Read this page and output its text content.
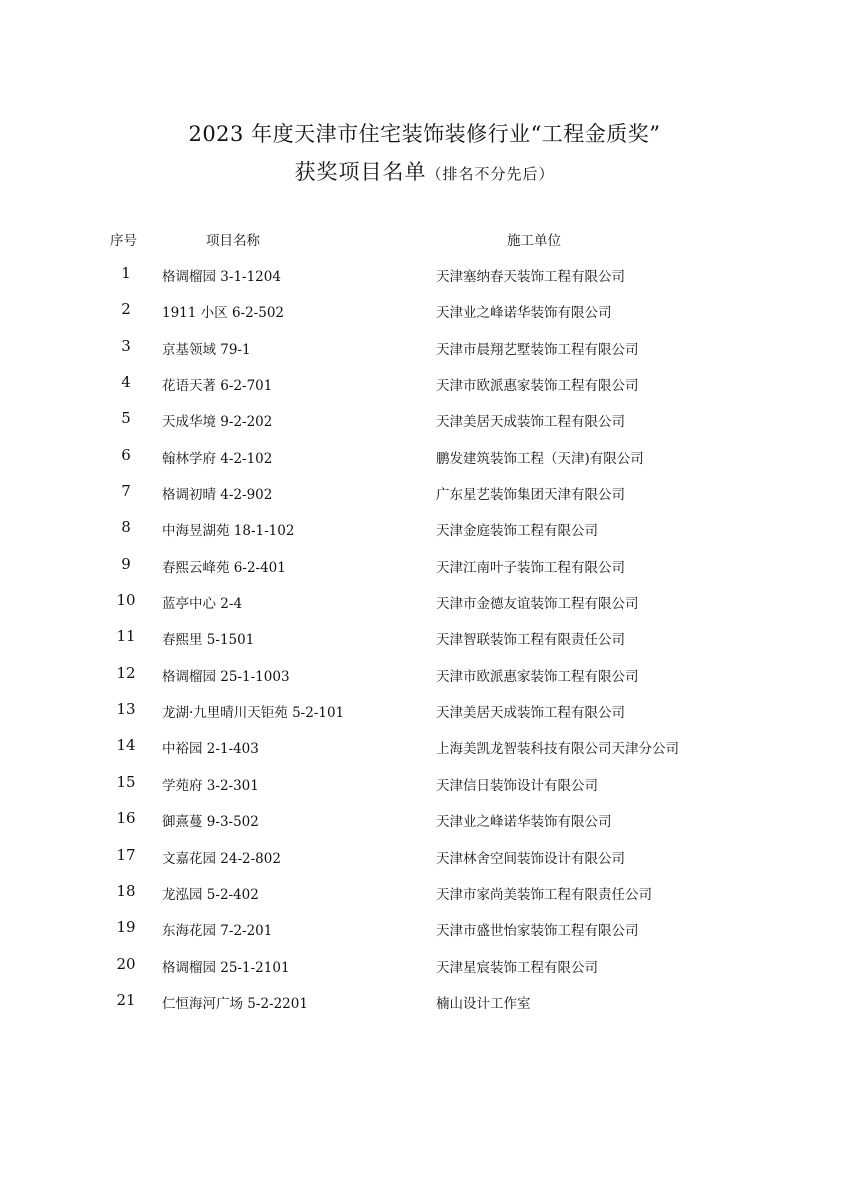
2023 年度天津市住宅装饰装修行业“工程金质奖”
获奖项目名单（排名不分先后）
序号	项目名称	施工单位
1	格调榴园 3-1-1204	天津塞纳春天装饰工程有限公司
2	1911 小区 6-2-502	天津业之峰诺华装饰有限公司
3	京基领域 79-1	天津市晨翔艺墅装饰工程有限公司
4	花语天著 6-2-701	天津市欧派惠家装饰工程有限公司
5	天成华境 9-2-202	天津美居天成装饰工程有限公司
6	翰林学府 4-2-102	鹏发建筑装饰工程（天津)有限公司
7	格调初晴 4-2-902	广东星艺装饰集团天津有限公司
8	中海昱湖苑 18-1-102	天津金庭装饰工程有限公司
9	春熙云峰苑 6-2-401	天津江南叶子装饰工程有限公司
10	蓝亭中心 2-4	天津市金德友谊装饰工程有限公司
11	春熙里 5-1501	天津智联装饰工程有限责任公司
12	格调榴园 25-1-1003	天津市欧派惠家装饰工程有限公司
13	龙湖·九里晴川天钜苑 5-2-101	天津美居天成装饰工程有限公司
14	中裕园 2-1-403	上海美凯龙智装科技有限公司天津分公司
15	学苑府 3-2-301	天津信日装饰设计有限公司
16	御熹蔓 9-3-502	天津业之峰诺华装饰有限公司
17	文嘉花园 24-2-802	天津林舍空间装饰设计有限公司
18	龙泓园 5-2-402	天津市家尚美装饰工程有限责任公司
19	东海花园 7-2-201	天津市盛世怡家装饰工程有限公司
20	格调榴园 25-1-2101	天津星宸装饰工程有限公司
21	仁恒海河广场 5-2-2201	楠山设计工作室
